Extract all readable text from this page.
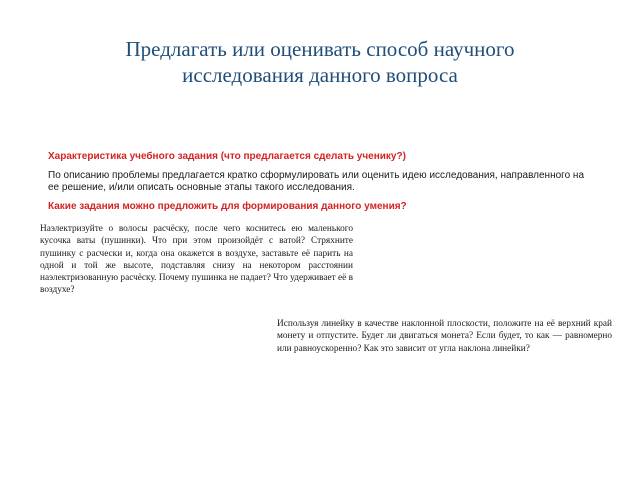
Предлагать или оценивать способ научного
исследования данного вопроса
Характеристика учебного задания (что предлагается сделать ученику?)
По описанию проблемы предлагается кратко сформулировать или оценить идею исследования, направленного на ее решение, и/или описать основные этапы такого исследования.
Какие задания можно предложить для формирования данного умения?
Наэлектризуйте о волосы расчёску, после чего коснитесь ею маленького кусочка ваты (пушинки). Что при этом произойдёт с ватой? Стряхните пушинку с расчески и, когда она окажется в воздухе, заставьте её парить на одной и той же высоте, подставляя снизу на некотором расстоянии наэлектризованную расчёску. Почему пушинка не падает? Что удерживает её в воздухе?
Используя линейку в качестве наклонной плоскости, положите на её верхний край монету и отпустите. Будет ли двигаться монета? Если будет, то как — равномерно или равноускоренно? Как это зависит от угла наклона линейки?
